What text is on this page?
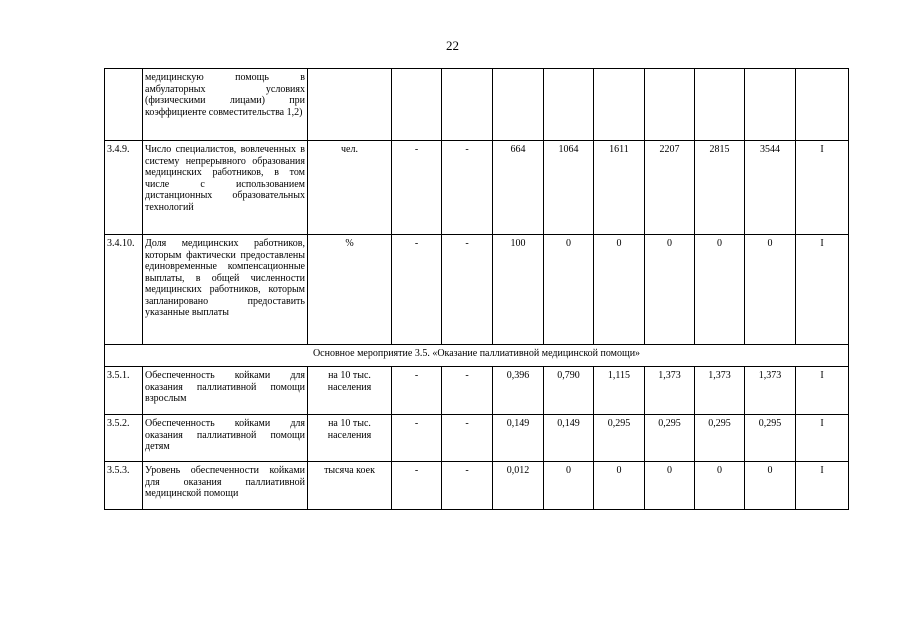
22
	медицинскую помощь в амбулаторных условиях (физическими лицами) при коэффициенте совместительства 1,2)										
3.4.9.	Число специалистов, вовлеченных в систему непрерывного образования медицинских работников, в том числе с использованием дистанционных образовательных технологий	чел.	-	-	664	1064	1611	2207	2815	3544	I
3.4.10.	Доля медицинских работников, которым фактически предоставлены единовременные компенсационные выплаты, в общей численности медицинских работников, которым запланировано предоставить указанные выплаты	%	-	-	100	0	0	0	0	0	I
Основное мероприятие 3.5. «Оказание паллиативной медицинской помощи»											
3.5.1.	Обеспеченность койками для оказания паллиативной помощи взрослым	на 10 тыс. населения	-	-	0,396	0,790	1,115	1,373	1,373	1,373	I
3.5.2.	Обеспеченность койками для оказания паллиативной помощи детям	на 10 тыс. населения	-	-	0,149	0,149	0,295	0,295	0,295	0,295	I
3.5.3.	Уровень обеспеченности койками для оказания паллиативной медицинской помощи	тысяча коек	-	-	0,012	0	0	0	0	0	I
